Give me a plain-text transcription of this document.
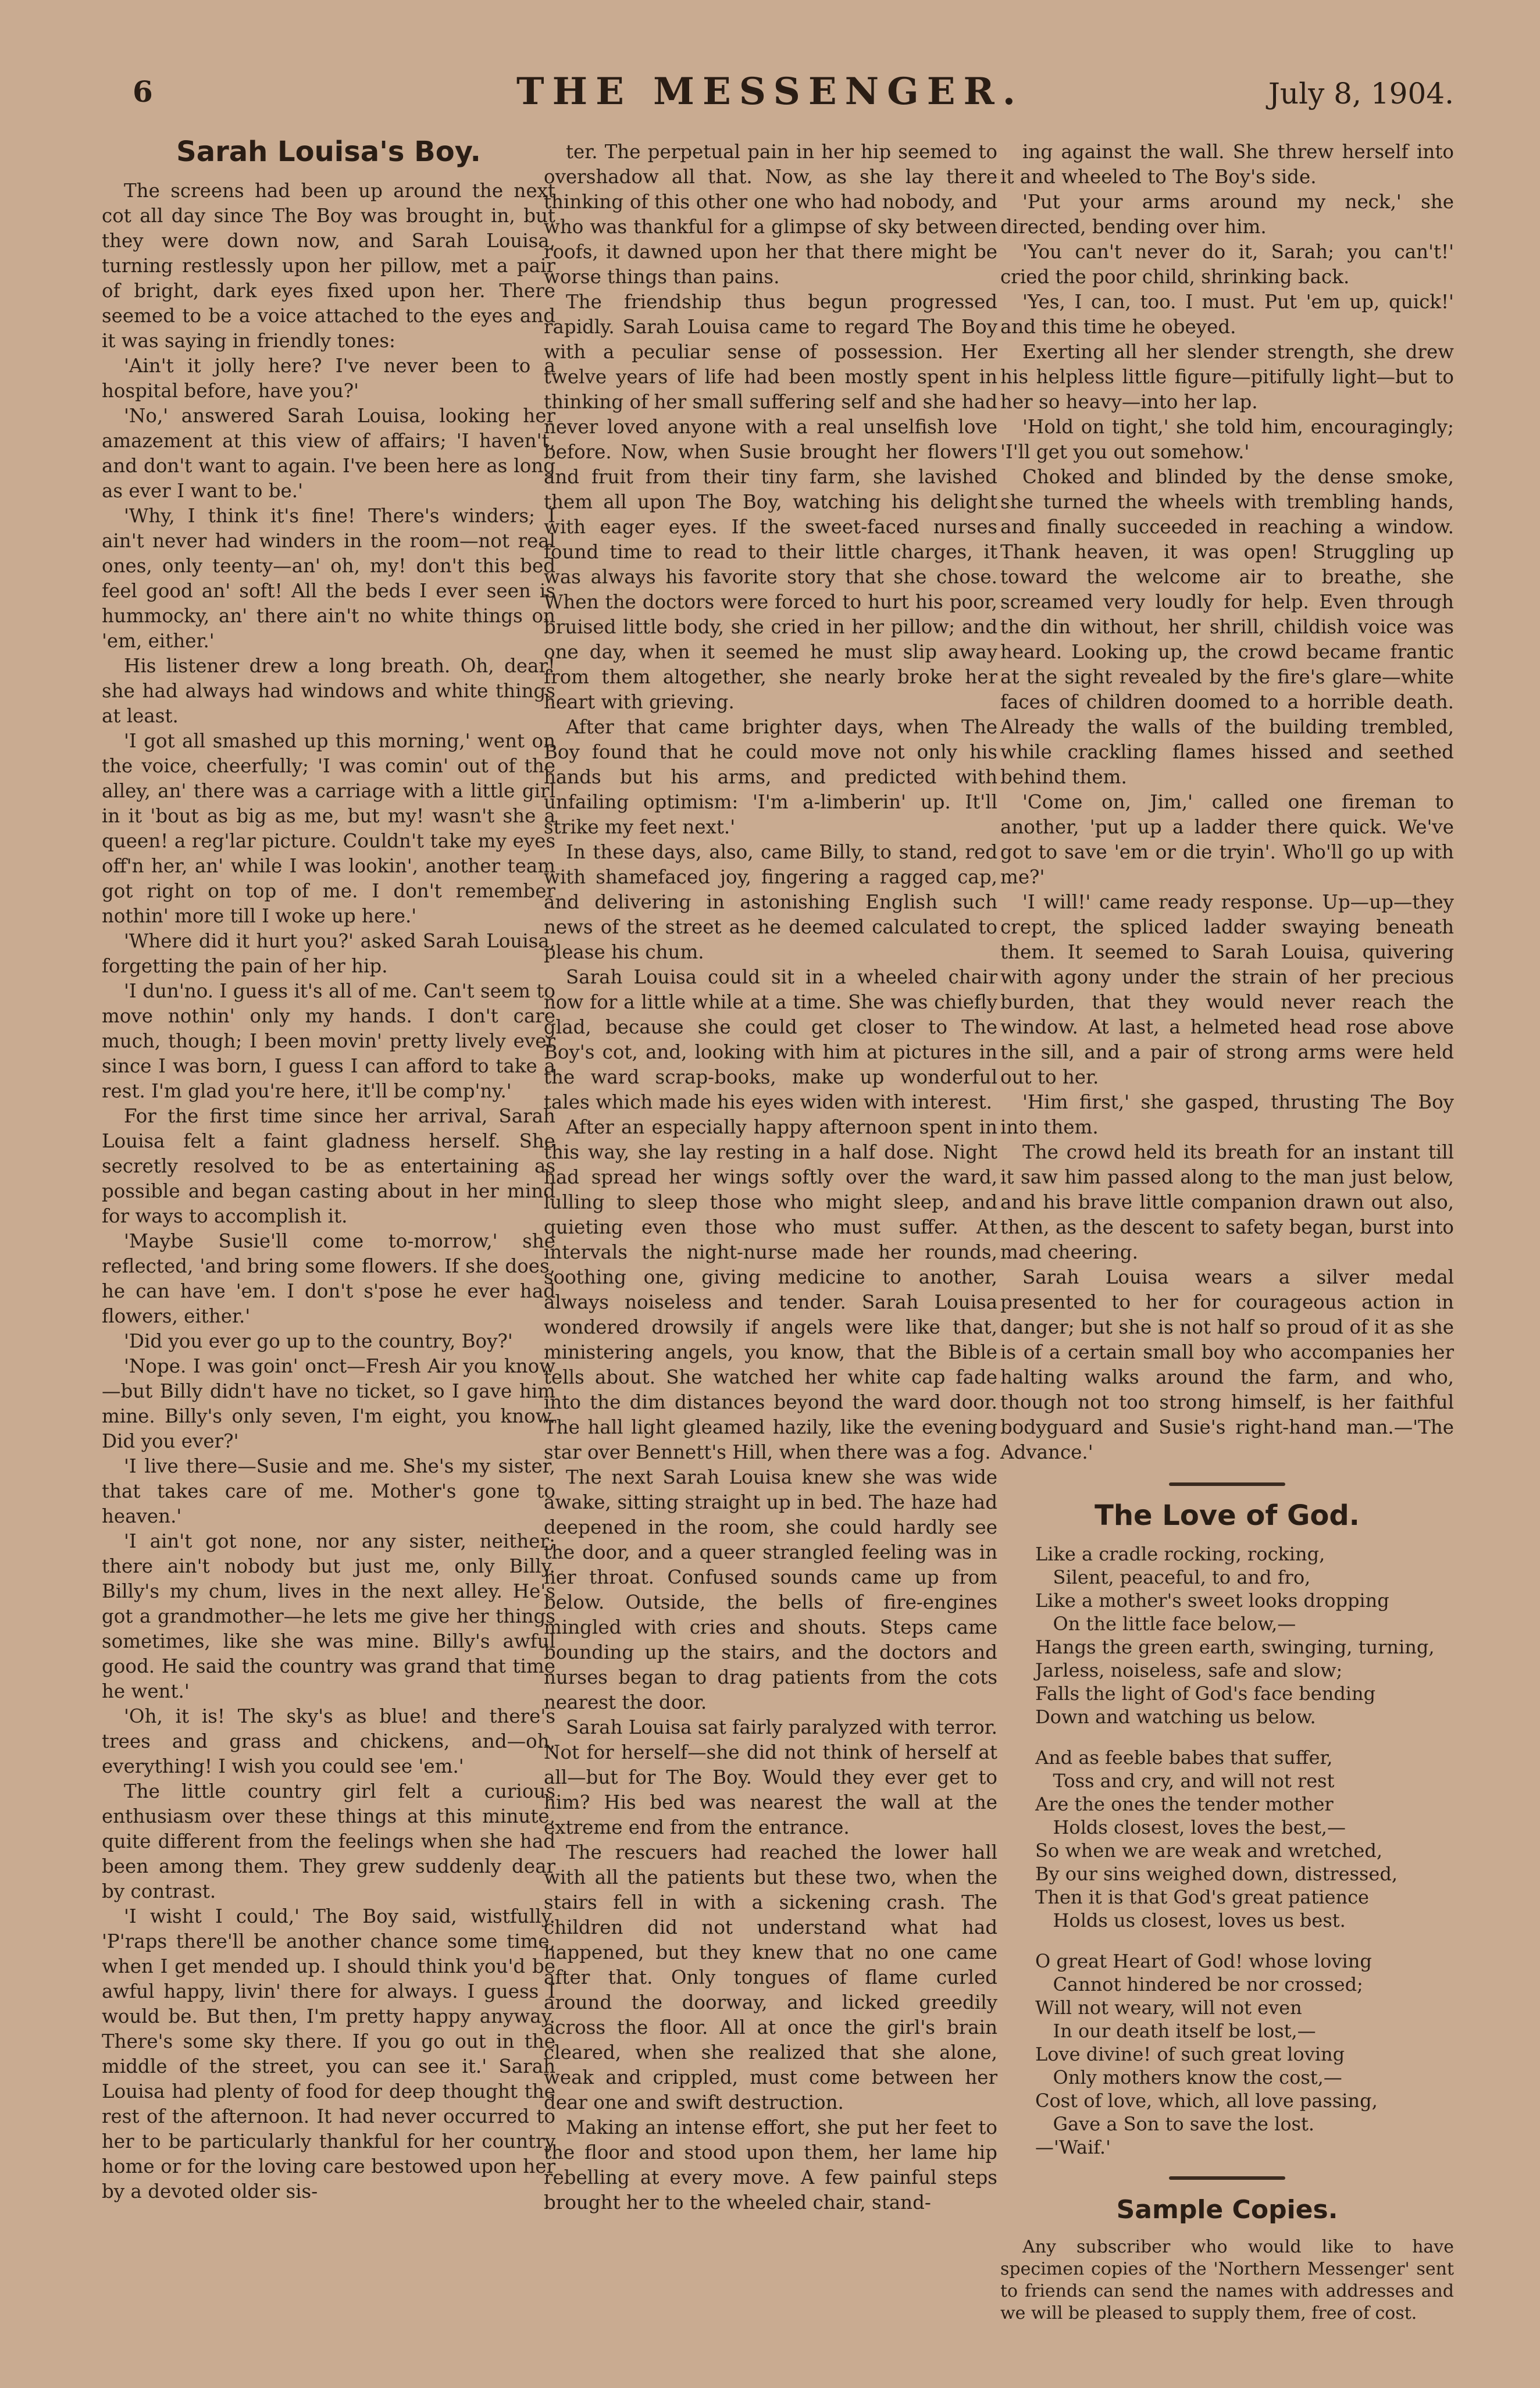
6	THE MESSENGER.	July 8, 1904.
Sarah Louisa's Boy.

The screens had been up around the next cot all day since The Boy was brought in, but they were down now, and Sarah Louisa, turning restlessly upon her pillow, met a pair of bright, dark eyes fixed upon her. There seemed to be a voice attached to the eyes and it was saying in friendly tones:

'Ain't it jolly here? I've never been to a hospital before, have you?'

'No,' answered Sarah Louisa, looking her amazement at this view of affairs; 'I haven't, and don't want to again. I've been here as long as ever I want to be.'

'Why, I think it's fine! There's winders; I ain't never had winders in the room—not real ones, only teenty—an' oh, my! don't this bed feel good an' soft! All the beds I ever seen is hummocky, an' there ain't no white things on 'em, either.'

His listener drew a long breath. Oh, dear! she had always had windows and white things at least.

'I got all smashed up this morning,' went on the voice, cheerfully; 'I was comin' out of the alley, an' there was a carriage with a little girl in it 'bout as big as me, but my! wasn't she a queen! a reg'lar picture. Couldn't take my eyes off'n her, an' while I was lookin', another team got right on top of me. I don't remember nothin' more till I woke up here.'

'Where did it hurt you?' asked Sarah Louisa, forgetting the pain of her hip.

'I dun'no. I guess it's all of me. Can't seem to move nothin' only my hands. I don't care much, though; I been movin' pretty lively ever since I was born, I guess I can afford to take a rest. I'm glad you're here, it'll be comp'ny.'

For the first time since her arrival, Sarah Louisa felt a faint gladness herself. She secretly resolved to be as entertaining as possible and began casting about in her mind for ways to accomplish it.

'Maybe Susie'll come to-morrow,' she reflected, 'and bring some flowers. If she does, he can have 'em. I don't s'pose he ever had flowers, either.'

'Did you ever go up to the country, Boy?'

'Nope. I was goin' onct—Fresh Air you know—but Billy didn't have no ticket, so I gave him mine. Billy's only seven, I'm eight, you know. Did you ever?'

'I live there—Susie and me. She's my sister, that takes care of me. Mother's gone to heaven.'

'I ain't got none, nor any sister, neither; there ain't nobody but just me, only Billy. Billy's my chum, lives in the next alley. He's got a grandmother—he lets me give her things sometimes, like she was mine. Billy's awful good. He said the country was grand that time he went.'

'Oh, it is! The sky's as blue! and there's trees and grass and chickens, and—oh, everything! I wish you could see 'em.'

The little country girl felt a curious enthusiasm over these things at this minute, quite different from the feelings when she had been among them. They grew suddenly dear by contrast.

'I wisht I could,' The Boy said, wistfully. 'P'raps there'll be another chance some time, when I get mended up. I should think you'd be awful happy, livin' there for always. I guess I would be. But then, I'm pretty happy anyway. There's some sky there. If you go out in the middle of the street, you can see it.' Sarah Louisa had plenty of food for deep thought the rest of the afternoon. It had never occurred to her to be particularly thankful for her country home or for the loving care bestowed upon her by a devoted older sis-

ter. The perpetual pain in her hip seemed to overshadow all that. Now, as she lay there thinking of this other one who had nobody, and who was thankful for a glimpse of sky between roofs, it dawned upon her that there might be worse things than pains.

The friendship thus begun progressed rapidly. Sarah Louisa came to regard The Boy with a peculiar sense of possession. Her twelve years of life had been mostly spent in thinking of her small suffering self and she had never loved anyone with a real unselfish love before. Now, when Susie brought her flowers and fruit from their tiny farm, she lavished them all upon The Boy, watching his delight with eager eyes. If the sweet-faced nurses found time to read to their little charges, it was always his favorite story that she chose. When the doctors were forced to hurt his poor, bruised little body, she cried in her pillow; and one day, when it seemed he must slip away from them altogether, she nearly broke her heart with grieving.

After that came brighter days, when The Boy found that he could move not only his hands but his arms, and predicted with unfailing optimism: 'I'm a-limberin' up. It'll strike my feet next.'

In these days, also, came Billy, to stand, red with shamefaced joy, fingering a ragged cap, and delivering in astonishing English such news of the street as he deemed calculated to please his chum.

Sarah Louisa could sit in a wheeled chair now for a little while at a time. She was chiefly glad, because she could get closer to The Boy's cot, and, looking with him at pictures in the ward scrap-books, make up wonderful tales which made his eyes widen with interest.

After an especially happy afternoon spent in this way, she lay resting in a half dose. Night had spread her wings softly over the ward, lulling to sleep those who might sleep, and quieting even those who must suffer. At intervals the night-nurse made her rounds, soothing one, giving medicine to another, always noiseless and tender. Sarah Louisa wondered drowsily if angels were like that, ministering angels, you know, that the Bible tells about. She watched her white cap fade into the dim distances beyond the ward door. The hall light gleamed hazily, like the evening star over Bennett's Hill, when there was a fog.

The next Sarah Louisa knew she was wide awake, sitting straight up in bed. The haze had deepened in the room, she could hardly see the door, and a queer strangled feeling was in her throat. Confused sounds came up from below. Outside, the bells of fire-engines mingled with cries and shouts. Steps came bounding up the stairs, and the doctors and nurses began to drag patients from the cots nearest the door.

Sarah Louisa sat fairly paralyzed with terror. Not for herself—she did not think of herself at all—but for The Boy. Would they ever get to him? His bed was nearest the wall at the extreme end from the entrance.

The rescuers had reached the lower hall with all the patients but these two, when the stairs fell in with a sickening crash. The children did not understand what had happened, but they knew that no one came after that. Only tongues of flame curled around the doorway, and licked greedily across the floor. All at once the girl's brain cleared, when she realized that she alone, weak and crippled, must come between her dear one and swift destruction.

Making an intense effort, she put her feet to the floor and stood upon them, her lame hip rebelling at every move. A few painful steps brought her to the wheeled chair, stand-

ing against the wall. She threw herself into it and wheeled to The Boy's side.

'Put your arms around my neck,' she directed, bending over him.

'You can't never do it, Sarah; you can't!' cried the poor child, shrinking back.

'Yes, I can, too. I must. Put 'em up, quick!' and this time he obeyed.

Exerting all her slender strength, she drew his helpless little figure—pitifully light—but to her so heavy—into her lap.

'Hold on tight,' she told him, encouragingly; 'I'll get you out somehow.'

Choked and blinded by the dense smoke, she turned the wheels with trembling hands, and finally succeeded in reaching a window. Thank heaven, it was open! Struggling up toward the welcome air to breathe, she screamed very loudly for help. Even through the din without, her shrill, childish voice was heard. Looking up, the crowd became frantic at the sight revealed by the fire's glare—white faces of children doomed to a horrible death. Already the walls of the building trembled, while crackling flames hissed and seethed behind them.

'Come on, Jim,' called one fireman to another, 'put up a ladder there quick. We've got to save 'em or die tryin'. Who'll go up with me?'

'I will!' came ready response. Up—up—they crept, the spliced ladder swaying beneath them. It seemed to Sarah Louisa, quivering with agony under the strain of her precious burden, that they would never reach the window. At last, a helmeted head rose above the sill, and a pair of strong arms were held out to her.

'Him first,' she gasped, thrusting The Boy into them.

The crowd held its breath for an instant till it saw him passed along to the man just below, and his brave little companion drawn out also, then, as the descent to safety began, burst into mad cheering.

Sarah Louisa wears a silver medal presented to her for courageous action in danger; but she is not half so proud of it as she is of a certain small boy who accompanies her halting walks around the farm, and who, though not too strong himself, is her faithful bodyguard and Susie's right-hand man.—'The Advance.'

The Love of God.
Like a cradle rocking, rocking,
Silent, peaceful, to and fro,
Like a mother's sweet looks dropping
On the little face below,—
Hangs the green earth, swinging, turning,
Jarless, noiseless, safe and slow;
Falls the light of God's face bending
Down and watching us below.
And as feeble babes that suffer,
Toss and cry, and will not rest
Are the ones the tender mother
Holds closest, loves the best,—
So when we are weak and wretched,
By our sins weighed down, distressed,
Then it is that God's great patience
Holds us closest, loves us best.
O great Heart of God! whose loving
Cannot hindered be nor crossed;
Will not weary, will not even
In our death itself be lost,—
Love divine! of such great loving
Only mothers know the cost,—
Cost of love, which, all love passing,
Gave a Son to save the lost.
—'Waif.'
Sample Copies.

Any subscriber who would like to have specimen copies of the 'Northern Messenger' sent to friends can send the names with addresses and we will be pleased to supply them, free of cost.
